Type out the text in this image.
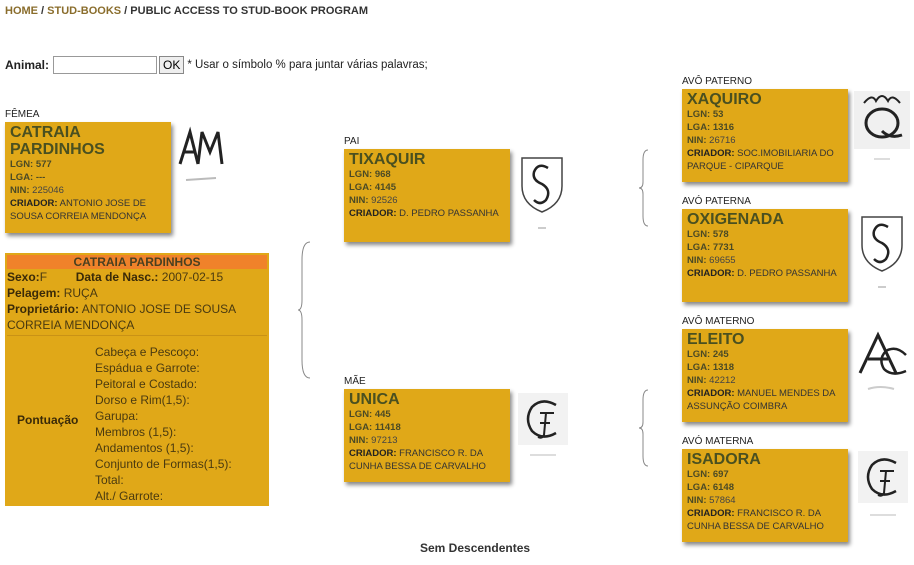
HOME / STUD-BOOKS / PUBLIC ACCESS TO STUD-BOOK PROGRAM
Animal:	OK * Usar o símbolo % para juntar várias palavras;
FÊMEA
CATRAIA PARDINHOS
LGN: 577
LGA: ---
NIN: 225046
CRIADOR: ANTONIO JOSE DE SOUSA CORREIA MENDONÇA
CATRAIA PARDINHOS
Sexo:F Data de Nasc.: 2007-02-15
Pelagem: RUÇA
Proprietário: ANTONIO JOSE DE SOUSA CORREIA MENDONÇA
Pontuação
Cabeça e Pescoço:
Espádua e Garrote:
Peitoral e Costado:
Dorso e Rim(1,5):
Garupa:
Membros (1,5):
Andamentos (1,5):
Conjunto de Formas(1,5):
Total:
Alt./ Garrote:
PAI
TIXAQUIR
LGN: 968
LGA: 4145
NIN: 92526
CRIADOR: D. PEDRO PASSANHA
MÃE
UNICA
LGN: 445
LGA: 11418
NIN: 97213
CRIADOR: FRANCISCO R. DA CUNHA BESSA DE CARVALHO
AVÔ PATERNO
XAQUIRO
LGN: 53
LGA: 1316
NIN: 26716
CRIADOR: SOC.IMOBILIARIA DO PARQUE - CIPARQUE
AVÓ PATERNA
OXIGENADA
LGN: 578
LGA: 7731
NIN: 69655
CRIADOR: D. PEDRO PASSANHA
AVÔ MATERNO
ELEITO
LGN: 245
LGA: 1318
NIN: 42212
CRIADOR: MANUEL MENDES DA ASSUNÇÃO COIMBRA
AVÓ MATERNA
ISADORA
LGN: 697
LGA: 6148
NIN: 57864
CRIADOR: FRANCISCO R. DA CUNHA BESSA DE CARVALHO
Sem Descendentes
